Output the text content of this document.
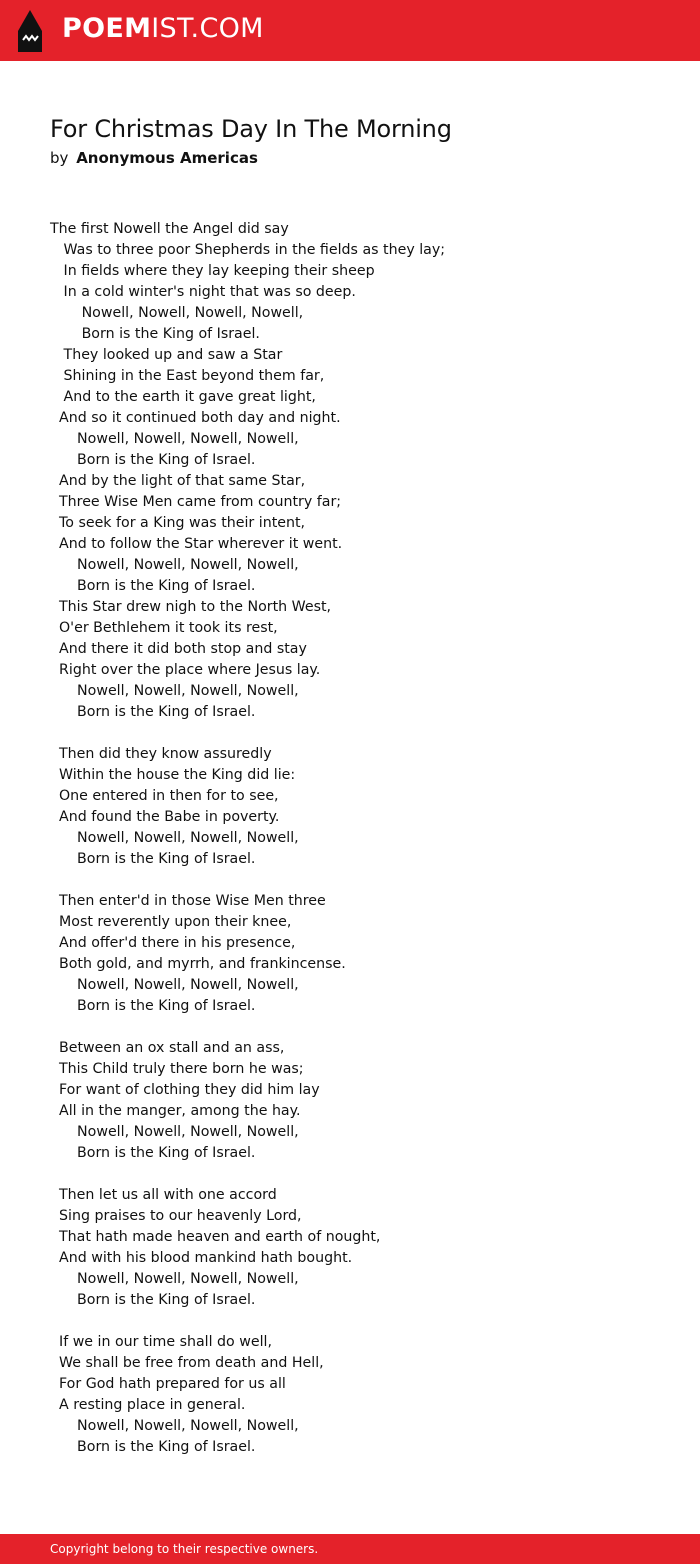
POEMIST.COM
For Christmas Day In The Morning
by Anonymous Americas
The first Nowell the Angel did say
Was to three poor Shepherds in the fields as they lay;
In fields where they lay keeping their sheep
In a cold winter's night that was so deep.
Nowell, Nowell, Nowell, Nowell,
Born is the King of Israel.
They looked up and saw a Star
Shining in the East beyond them far,
And to the earth it gave great light,
And so it continued both day and night.
Nowell, Nowell, Nowell, Nowell,
Born is the King of Israel.
And by the light of that same Star,
Three Wise Men came from country far;
To seek for a King was their intent,
And to follow the Star wherever it went.
Nowell, Nowell, Nowell, Nowell,
Born is the King of Israel.
This Star drew nigh to the North West,
O'er Bethlehem it took its rest,
And there it did both stop and stay
Right over the place where Jesus lay.
Nowell, Nowell, Nowell, Nowell,
Born is the King of Israel.

Then did they know assuredly
Within the house the King did lie:
One entered in then for to see,
And found the Babe in poverty.
Nowell, Nowell, Nowell, Nowell,
Born is the King of Israel.

Then enter'd in those Wise Men three
Most reverently upon their knee,
And offer'd there in his presence,
Both gold, and myrrh, and frankincense.
Nowell, Nowell, Nowell, Nowell,
Born is the King of Israel.

Between an ox stall and an ass,
This Child truly there born he was;
For want of clothing they did him lay
All in the manger, among the hay.
Nowell, Nowell, Nowell, Nowell,
Born is the King of Israel.

Then let us all with one accord
Sing praises to our heavenly Lord,
That hath made heaven and earth of nought,
And with his blood mankind hath bought.
Nowell, Nowell, Nowell, Nowell,
Born is the King of Israel.

If we in our time shall do well,
We shall be free from death and Hell,
For God hath prepared for us all
A resting place in general.
Nowell, Nowell, Nowell, Nowell,
Born is the King of Israel.
Copyright belong to their respective owners.
